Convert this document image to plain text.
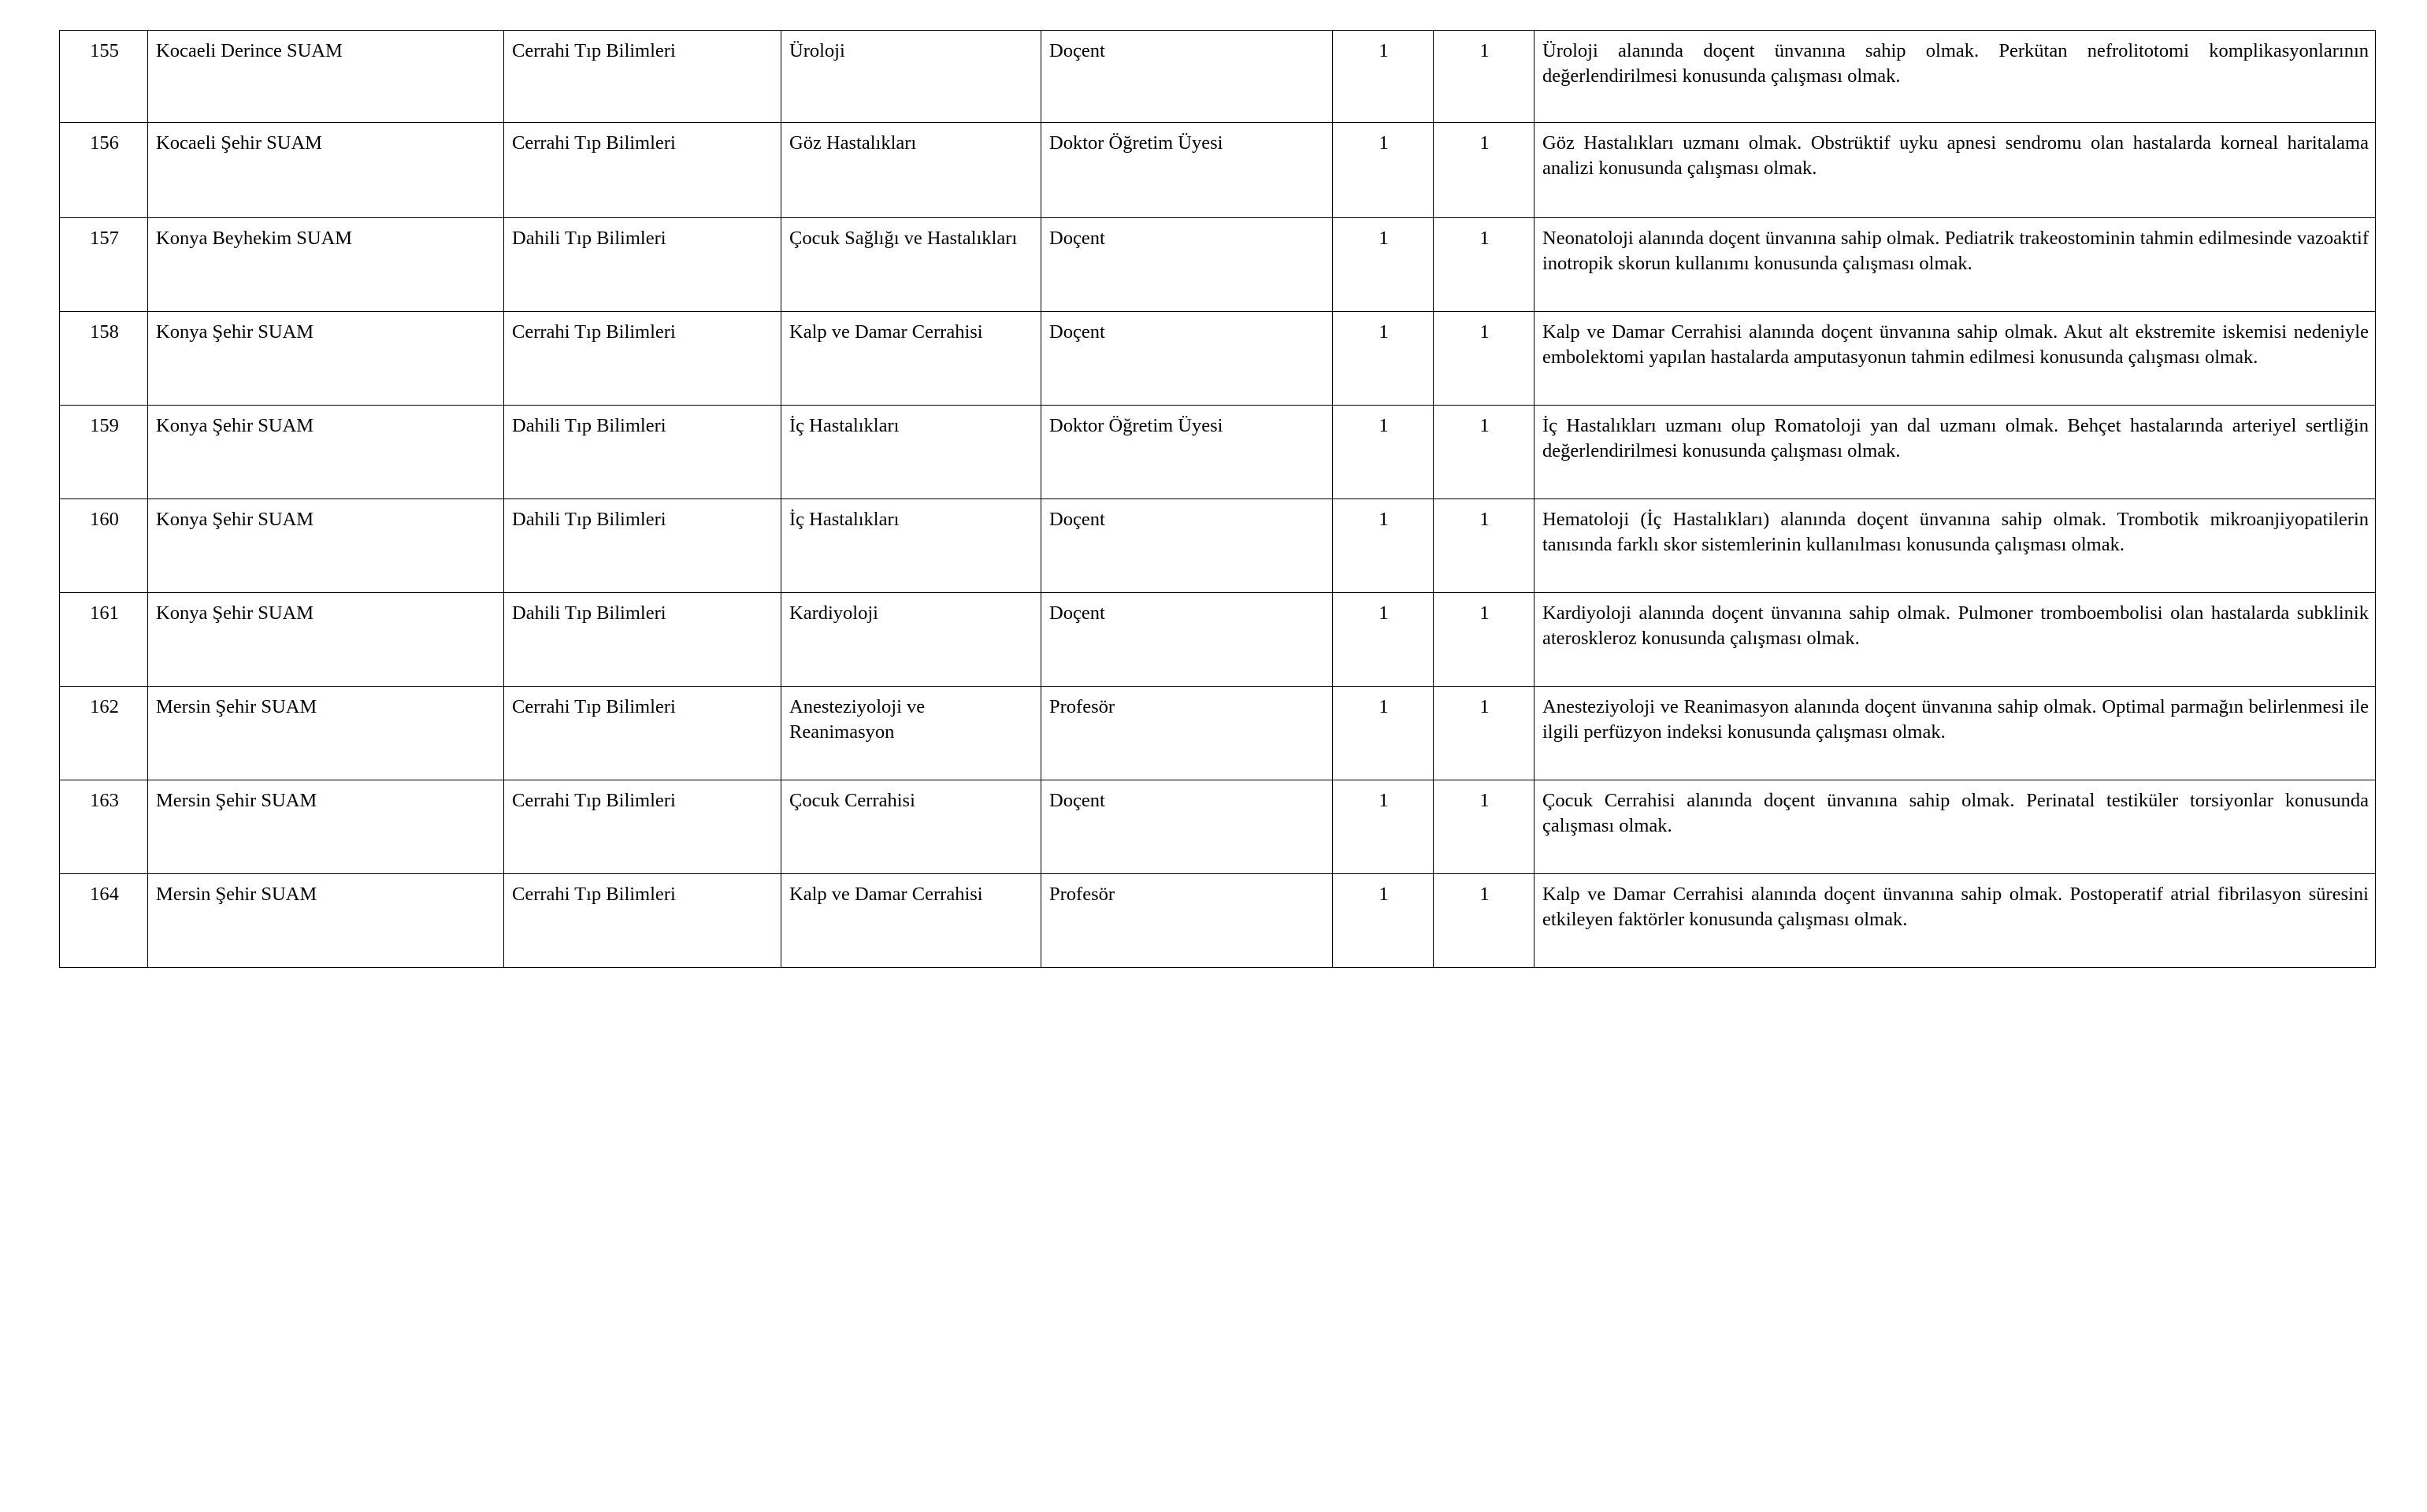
155	Kocaeli Derince SUAM	Cerrahi Tıp Bilimleri	Üroloji	Doçent	1	1	Üroloji alanında doçent ünvanına sahip olmak. Perkütan nefrolitotomi komplikasyonlarının değerlendirilmesi konusunda çalışması olmak.
156	Kocaeli Şehir SUAM	Cerrahi Tıp Bilimleri	Göz Hastalıkları	Doktor Öğretim Üyesi	1	1	Göz Hastalıkları uzmanı olmak. Obstrüktif uyku apnesi sendromu olan hastalarda korneal haritalama analizi konusunda çalışması olmak.
157	Konya Beyhekim SUAM	Dahili Tıp Bilimleri	Çocuk Sağlığı ve Hastalıkları	Doçent	1	1	Neonatoloji alanında doçent ünvanına sahip olmak. Pediatrik trakeostominin tahmin edilmesinde vazoaktif inotropik skorun kullanımı konusunda çalışması olmak.
158	Konya Şehir SUAM	Cerrahi Tıp Bilimleri	Kalp ve Damar Cerrahisi	Doçent	1	1	Kalp ve Damar Cerrahisi alanında doçent ünvanına sahip olmak. Akut alt ekstremite iskemisi nedeniyle embolektomi yapılan hastalarda amputasyonun tahmin edilmesi konusunda çalışması olmak.
159	Konya Şehir SUAM	Dahili Tıp Bilimleri	İç Hastalıkları	Doktor Öğretim Üyesi	1	1	İç Hastalıkları uzmanı olup Romatoloji yan dal uzmanı olmak. Behçet hastalarında arteriyel sertliğin değerlendirilmesi konusunda çalışması olmak.
160	Konya Şehir SUAM	Dahili Tıp Bilimleri	İç Hastalıkları	Doçent	1	1	Hematoloji (İç Hastalıkları) alanında doçent ünvanına sahip olmak. Trombotik mikroanjiyopatilerin tanısında farklı skor sistemlerinin kullanılması konusunda çalışması olmak.
161	Konya Şehir SUAM	Dahili Tıp Bilimleri	Kardiyoloji	Doçent	1	1	Kardiyoloji alanında doçent ünvanına sahip olmak. Pulmoner tromboembolisi olan hastalarda subklinik ateroskleroz konusunda çalışması olmak.
162	Mersin Şehir SUAM	Cerrahi Tıp Bilimleri	Anesteziyoloji ve Reanimasyon	Profesör	1	1	Anesteziyoloji ve Reanimasyon alanında doçent ünvanına sahip olmak. Optimal parmağın belirlenmesi ile ilgili perfüzyon indeksi konusunda çalışması olmak.
163	Mersin Şehir SUAM	Cerrahi Tıp Bilimleri	Çocuk Cerrahisi	Doçent	1	1	Çocuk Cerrahisi alanında doçent ünvanına sahip olmak. Perinatal testiküler torsiyonlar konusunda çalışması olmak.
164	Mersin Şehir SUAM	Cerrahi Tıp Bilimleri	Kalp ve Damar Cerrahisi	Profesör	1	1	Kalp ve Damar Cerrahisi alanında doçent ünvanına sahip olmak. Postoperatif atrial fibrilasyon süresini etkileyen faktörler konusunda çalışması olmak.
